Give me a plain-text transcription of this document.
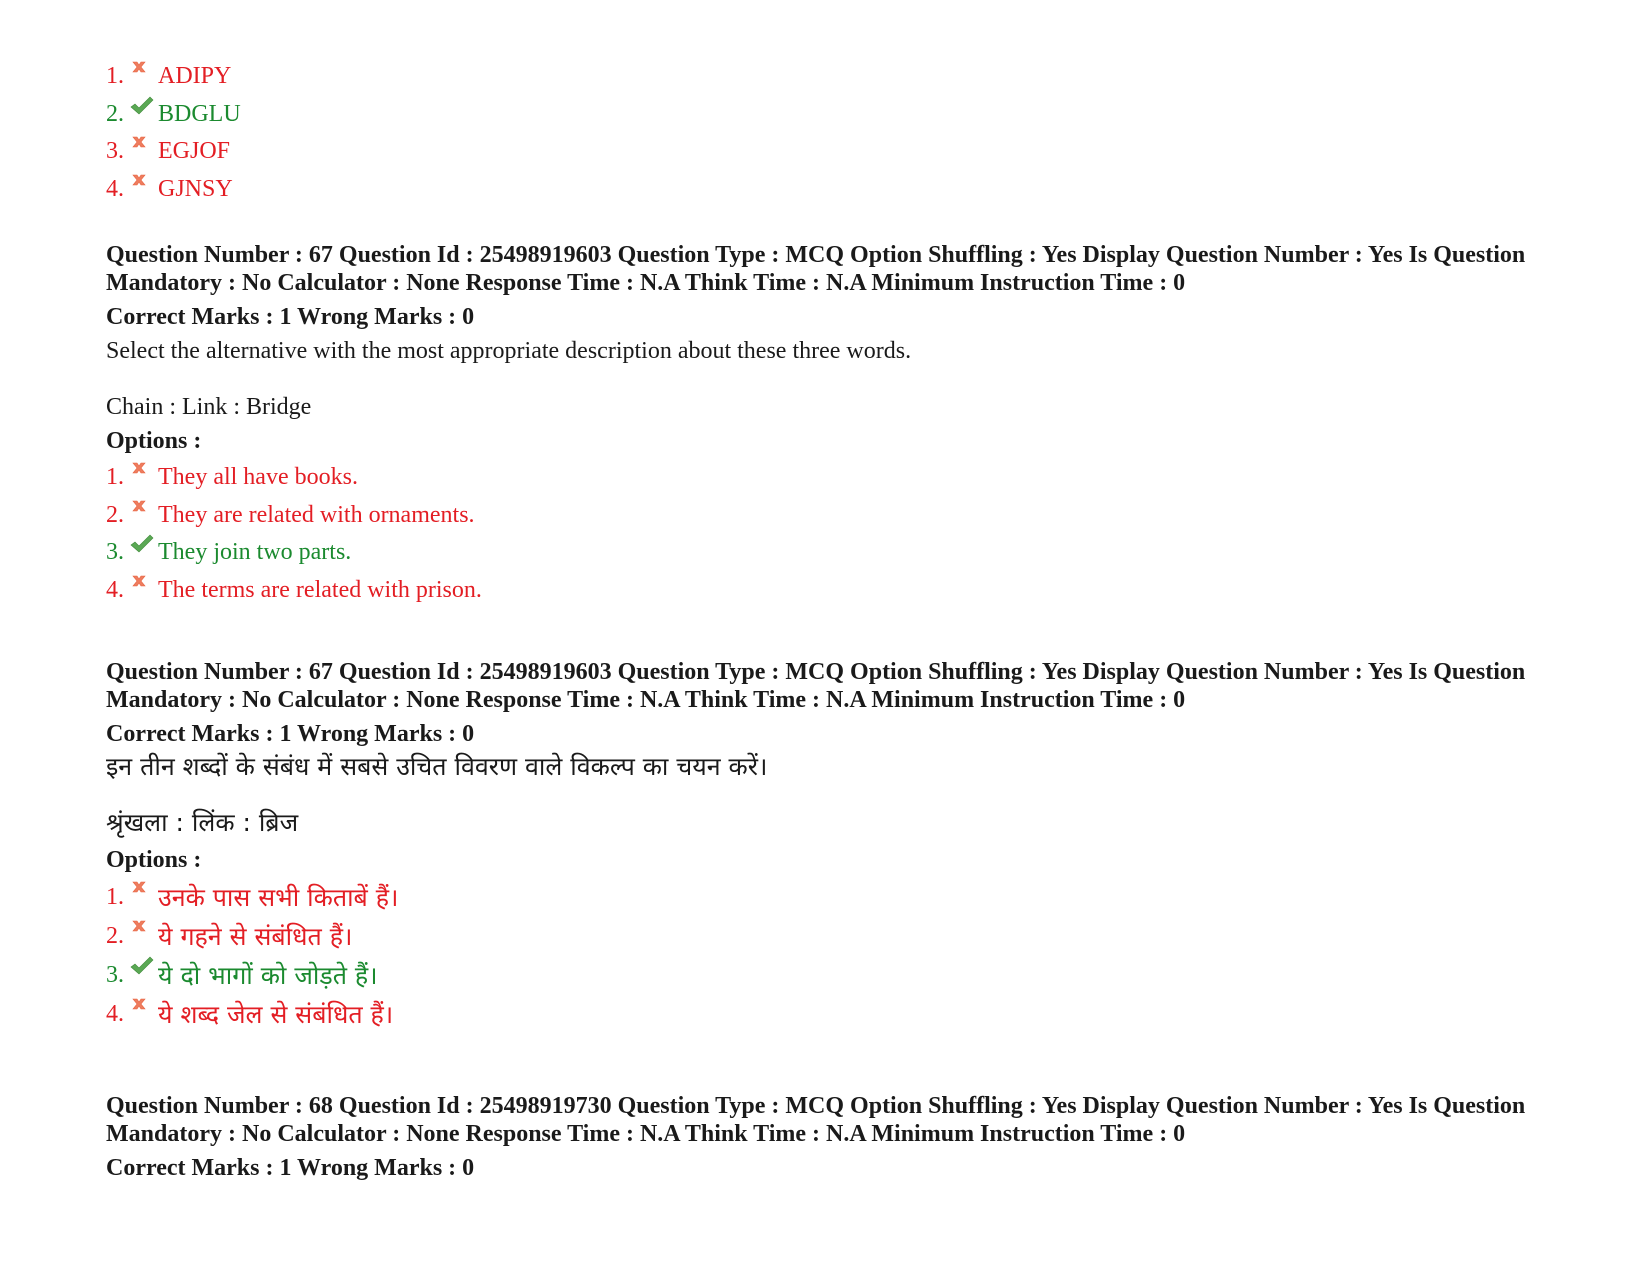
1. ADIPY
2. BDGLU
3. EGJOF
4. GJNSY

Question Number : 67 Question Id : 25498919603 Question Type : MCQ Option Shuffling : Yes Display Question Number : Yes Is Question Mandatory : No Calculator : None Response Time : N.A Think Time : N.A Minimum Instruction Time : 0

Correct Marks : 1 Wrong Marks : 0
Select the alternative with the most appropriate description about these three words.
Chain : Link : Bridge
Options :
1. They all have books.
2. They are related with ornaments.
3. They join two parts.
4. The terms are related with prison.

Question Number : 67 Question Id : 25498919603 Question Type : MCQ Option Shuffling : Yes Display Question Number : Yes Is Question Mandatory : No Calculator : None Response Time : N.A Think Time : N.A Minimum Instruction Time : 0

Correct Marks : 1 Wrong Marks : 0
इन तीन शब्दों के संबंध में सबसे उचित विवरण वाले विकल्प का चयन करें।
श्रृंखला : लिंक : ब्रिज
Options :
1. उनके पास सभी किताबें हैं।
2. ये गहने से संबंधित हैं।
3. ये दो भागों को जोड़ते हैं।
4. ये शब्द जेल से संबंधित हैं।

Question Number : 68 Question Id : 25498919730 Question Type : MCQ Option Shuffling : Yes Display Question Number : Yes Is Question Mandatory : No Calculator : None Response Time : N.A Think Time : N.A Minimum Instruction Time : 0

Correct Marks : 1 Wrong Marks : 0
